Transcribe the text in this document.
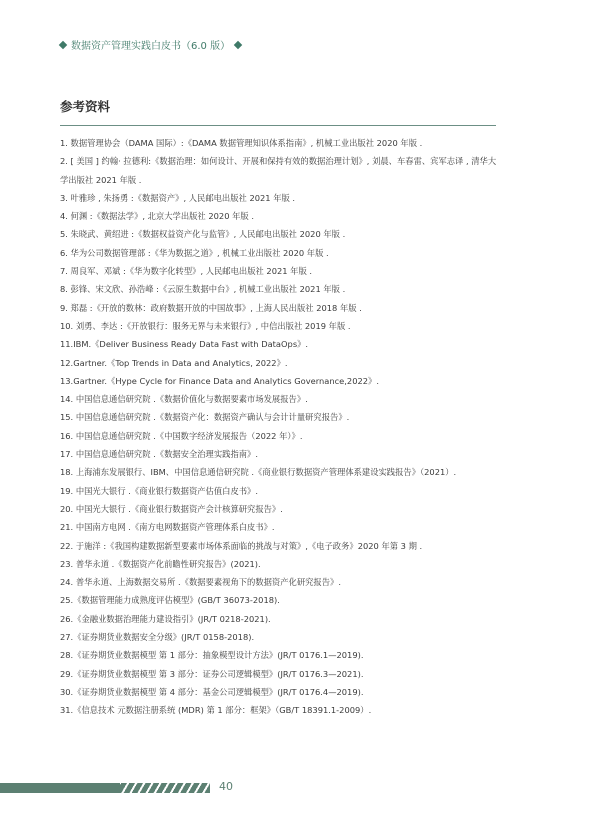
数据资产管理实践白皮书（6.0 版）
参考资料
1. 数据管理协会（DAMA 国际）:《DAMA 数据管理知识体系指南》, 机械工业出版社 2020 年版 .
2. [ 美国 ] 约翰· 拉德利:《数据治理：如何设计、开展和保持有效的数据治理计划》, 刘晨、车春雷、宾军志译 , 清华大学出版社 2021 年版 .
3. 叶雅珍 , 朱扬勇 :《数据资产》, 人民邮电出版社 2021 年版 .
4. 何渊 :《数据法学》, 北京大学出版社 2020 年版 .
5. 朱晓武、黄绍进 :《数据权益资产化与监管》, 人民邮电出版社 2020 年版 .
6. 华为公司数据管理部 :《华为数据之道》, 机械工业出版社 2020 年版 .
7. 周良军、邓斌 :《华为数字化转型》, 人民邮电出版社 2021 年版 .
8. 彭锋、宋文欣、孙浩峰 :《云原生数据中台》, 机械工业出版社 2021 年版 .
9. 郑磊 :《开放的数林：政府数据开放的中国故事》, 上海人民出版社 2018 年版 .
10. 刘勇、李达 :《开放银行：服务无界与未来银行》, 中信出版社 2019 年版 .
11.IBM.《Deliver Business Ready Data Fast with DataOps》.
12.Gartner.《Top Trends in Data and Analytics, 2022》.
13.Gartner.《Hype Cycle for Finance Data and Analytics Governance,2022》.
14. 中国信息通信研究院 .《数据价值化与数据要素市场发展报告》.
15. 中国信息通信研究院 .《数据资产化：数据资产确认与会计计量研究报告》.
16. 中国信息通信研究院 .《中国数字经济发展报告（2022 年）》.
17. 中国信息通信研究院 .《数据安全治理实践指南》.
18. 上海浦东发展银行、IBM、中国信息通信研究院 .《商业银行数据资产管理体系建设实践报告》（2021）.
19. 中国光大银行 .《商业银行数据资产估值白皮书》.
20. 中国光大银行 .《商业银行数据资产会计核算研究报告》.
21. 中国南方电网 .《南方电网数据资产管理体系白皮书》.
22. 于施洋 :《我国构建数据新型要素市场体系面临的挑战与对策》,《电子政务》2020 年第 3 期 .
23. 普华永道 .《数据资产化前瞻性研究报告》(2021).
24. 普华永道、上海数据交易所 .《数据要素视角下的数据资产化研究报告》.
25.《数据管理能力成熟度评估模型》(GB/T 36073-2018).
26.《金融业数据治理能力建设指引》(JR/T 0218-2021).
27.《证券期货业数据安全分级》(JR/T 0158-2018).
28.《证券期货业数据模型 第 1 部分：抽象模型设计方法》(JR/T 0176.1—2019).
29.《证券期货业数据模型 第 3 部分：证券公司逻辑模型》(JR/T 0176.3—2021).
30.《证券期货业数据模型 第 4 部分：基金公司逻辑模型》(JR/T 0176.4—2019).
31.《信息技术 元数据注册系统 (MDR) 第 1 部分：框架》（GB/T 18391.1-2009）.
40
